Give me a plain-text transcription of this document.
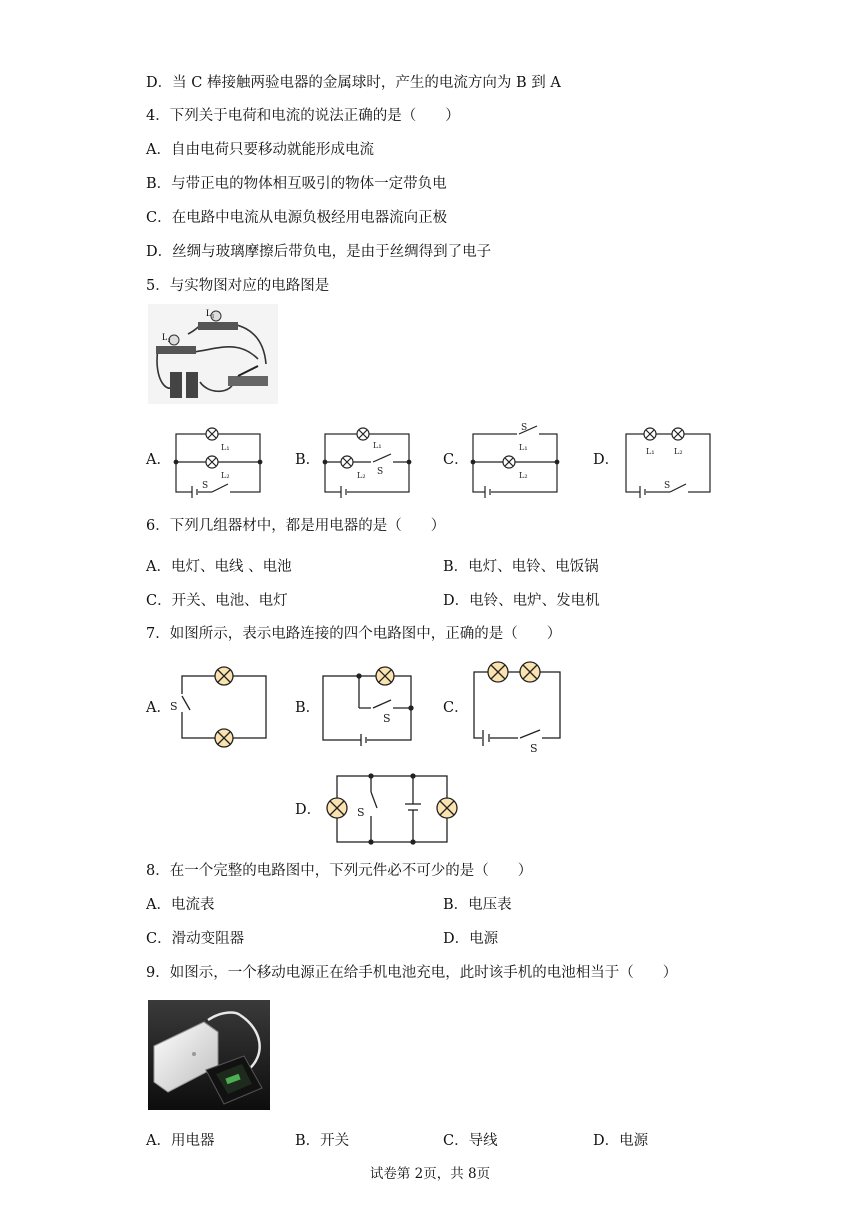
D．当 C 棒接触两验电器的金属球时，产生的电流方向为 B 到 A
4．下列关于电荷和电流的说法正确的是（　　）
A．自由电荷只要移动就能形成电流
B．与带正电的物体相互吸引的物体一定带负电
C．在电路中电流从电源负极经用电器流向正极
D．丝绸与玻璃摩擦后带负电，是由于丝绸得到了电子
5．与实物图对应的电路图是
L₁
L₂
A．	B．	C．	D．
L₁
L₂
S
L₁
L₂ S
L₁
L₂
S
L₁ L₂
S
6．下列几组器材中，都是用电器的是（　　）
A．电灯、电线 、电池	B．电灯、电铃、电饭锅
C．开关、电池、电灯	D．电铃、电炉、发电机
7．如图所示，表示电路连接的四个电路图中，正确的是（　　）
A．	B．	C．
D．
S
S
S
S
8．在一个完整的电路图中，下列元件必不可少的是（　　）
A．电流表	B．电压表
C．滑动变阻器	D．电源
9．如图示，一个移动电源正在给手机电池充电，此时该手机的电池相当于（　　）
A．用电器	B．开关	C．导线	D．电源
试卷第 2页，共 8页
